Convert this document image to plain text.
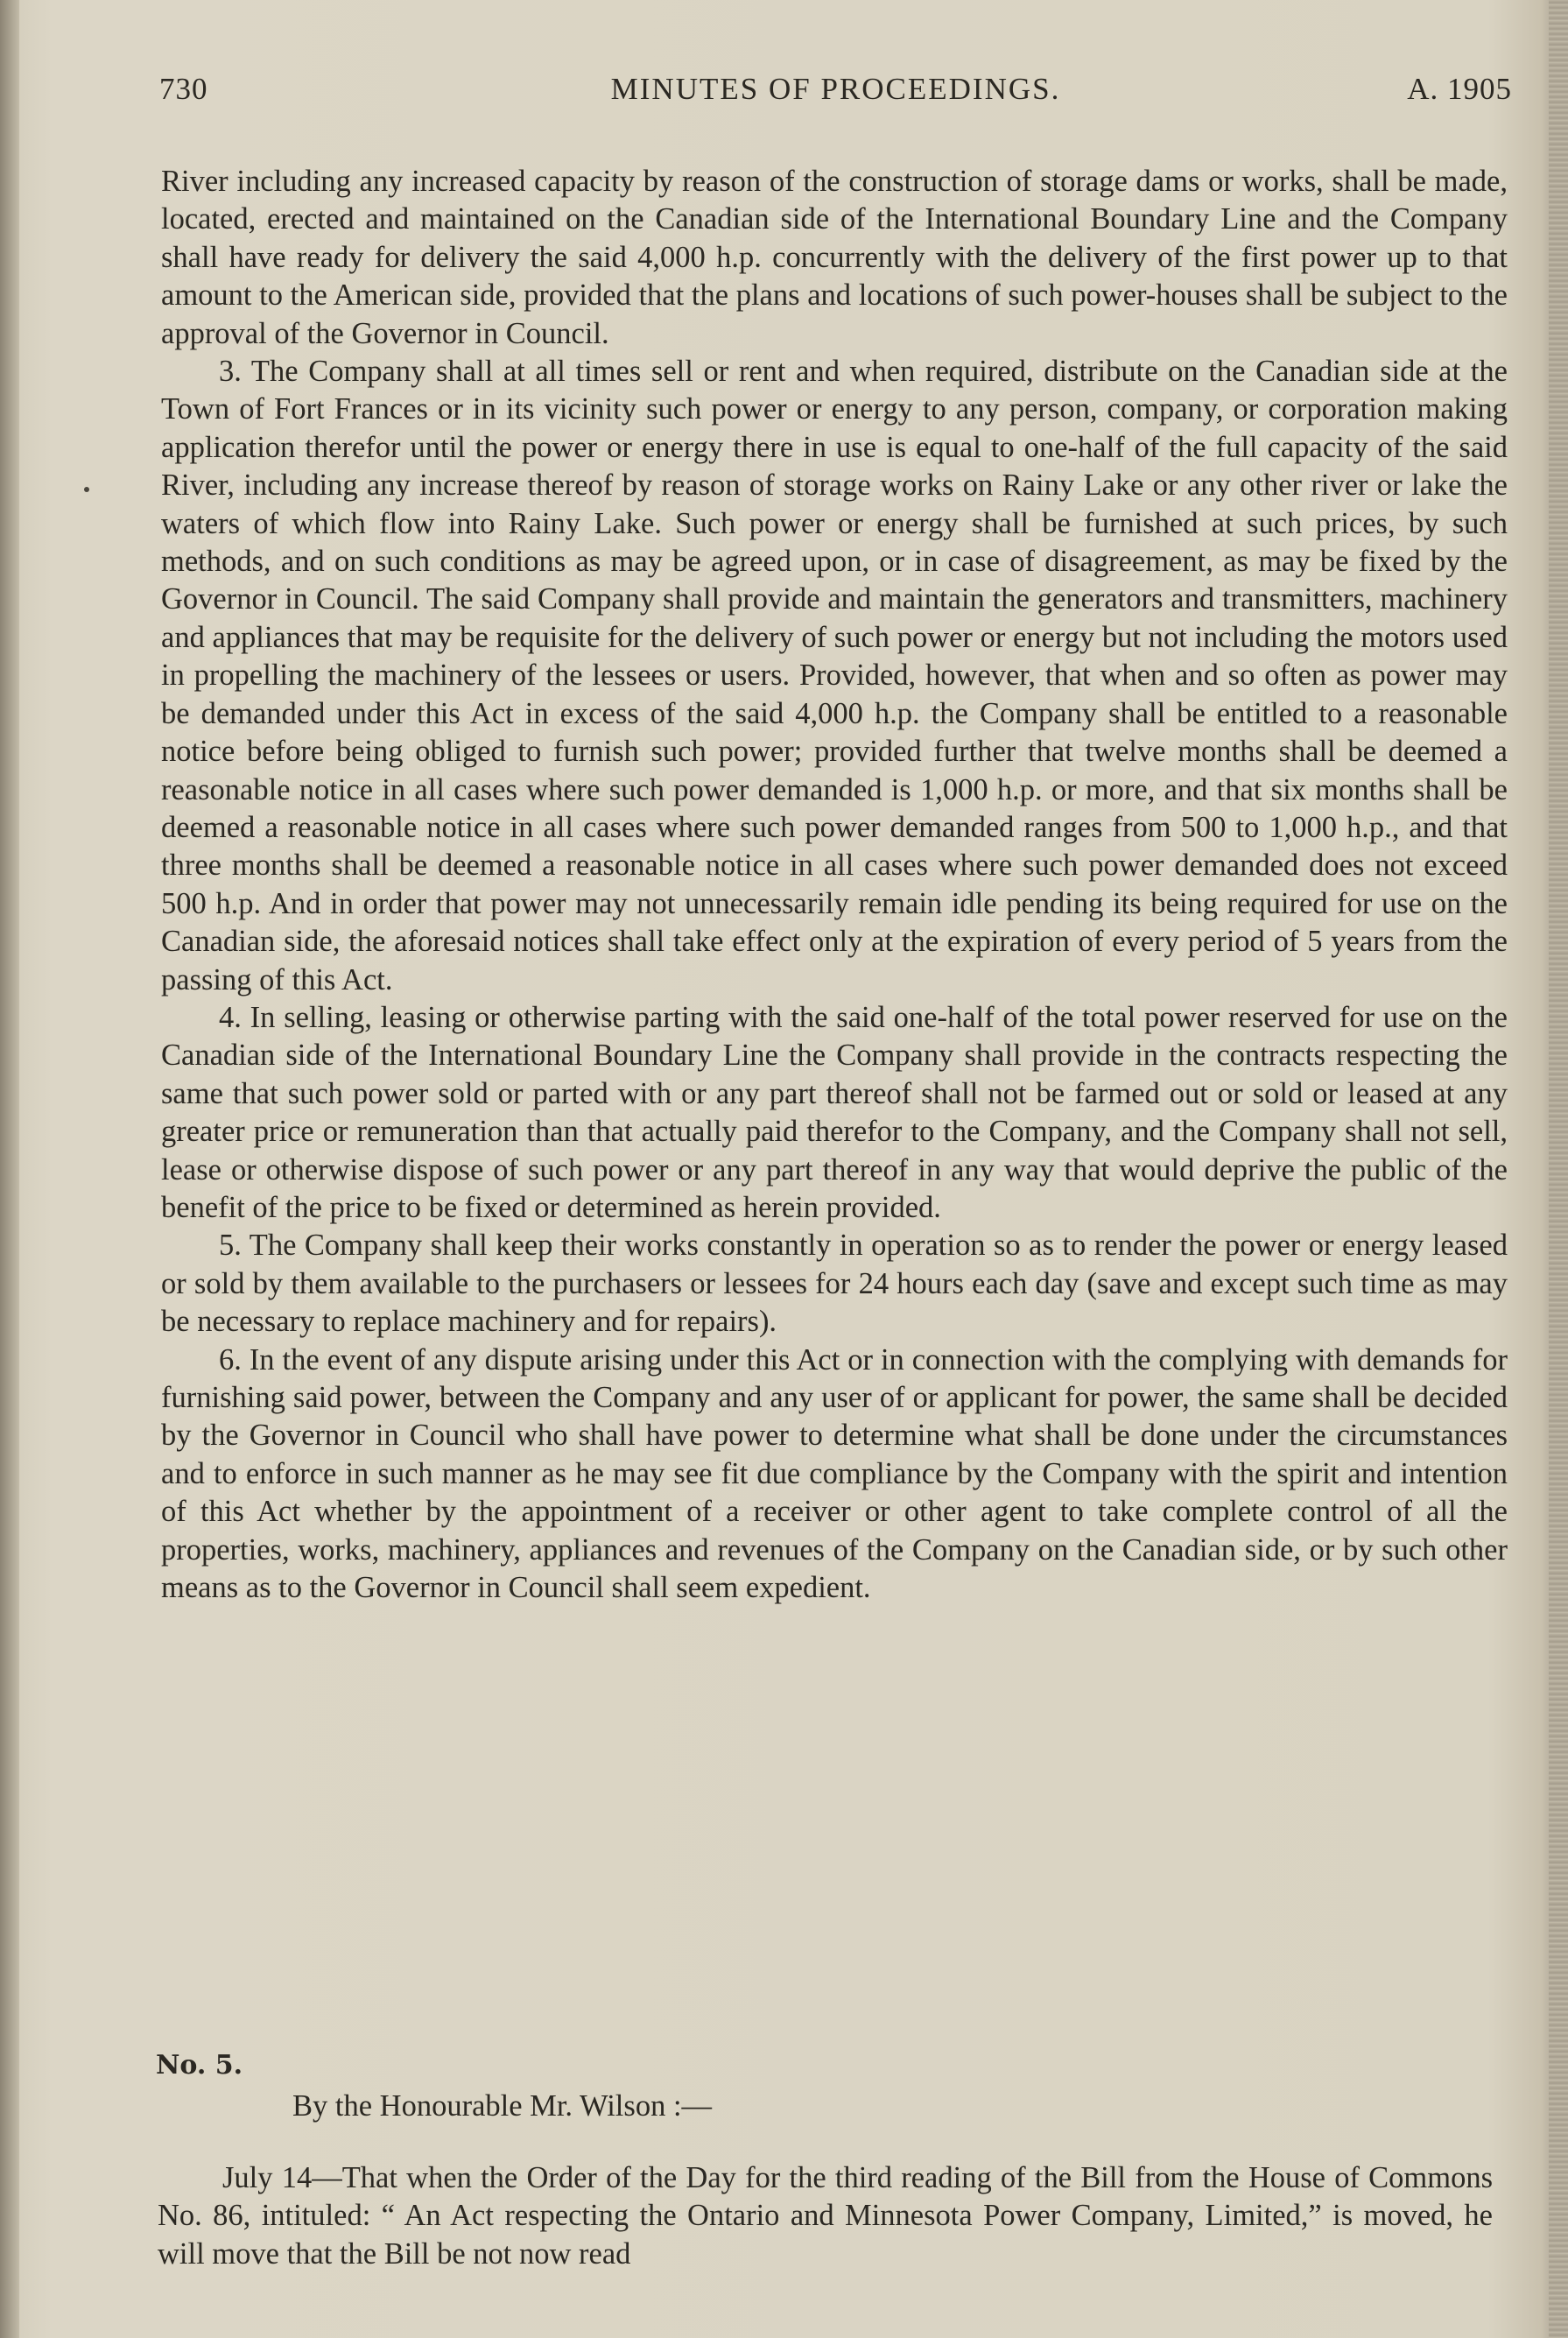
MINUTES OF PROCEEDINGS.
730	A. 1905

River including any increased capacity by reason of the construction of storage dams or works, shall be made, located, erected and maintained on the Canadian side of the International Boundary Line and the Company shall have ready for delivery the said 4,000 h.p. concurrently with the delivery of the first power up to that amount to the American side, provided that the plans and locations of such power-houses shall be subject to the approval of the Governor in Council.

3. The Company shall at all times sell or rent and when required, distribute on the Canadian side at the Town of Fort Frances or in its vicinity such power or energy to any person, company, or corporation making application therefor until the power or energy there in use is equal to one-half of the full capacity of the said River, including any increase thereof by reason of storage works on Rainy Lake or any other river or lake the waters of which flow into Rainy Lake. Such power or energy shall be furnished at such prices, by such methods, and on such conditions as may be agreed upon, or in case of disagreement, as may be fixed by the Governor in Council. The said Company shall provide and maintain the generators and transmitters, machinery and appliances that may be requisite for the delivery of such power or energy but not including the motors used in propelling the machinery of the lessees or users. Provided, however, that when and so often as power may be demanded under this Act in excess of the said 4,000 h.p. the Company shall be entitled to a reasonable notice before being obliged to furnish such power; provided further that twelve months shall be deemed a reasonable notice in all cases where such power demanded is 1,000 h.p. or more, and that six months shall be deemed a reasonable notice in all cases where such power demanded ranges from 500 to 1,000 h.p., and that three months shall be deemed a reasonable notice in all cases where such power demanded does not exceed 500 h.p. And in order that power may not unnecessarily remain idle pending its being required for use on the Canadian side, the aforesaid notices shall take effect only at the expiration of every period of 5 years from the passing of this Act.

4. In selling, leasing or otherwise parting with the said one-half of the total power reserved for use on the Canadian side of the International Boundary Line the Company shall provide in the contracts respecting the same that such power sold or parted with or any part thereof shall not be farmed out or sold or leased at any greater price or remuneration than that actually paid therefor to the Company, and the Company shall not sell, lease or otherwise dispose of such power or any part thereof in any way that would deprive the public of the benefit of the price to be fixed or determined as herein provided.

5. The Company shall keep their works constantly in operation so as to render the power or energy leased or sold by them available to the purchasers or lessees for 24 hours each day (save and except such time as may be necessary to replace machinery and for repairs).

6. In the event of any dispute arising under this Act or in connection with the complying with demands for furnishing said power, between the Company and any user of or applicant for power, the same shall be decided by the Governor in Council who shall have power to determine what shall be done under the circumstances and to enforce in such manner as he may see fit due compliance by the Company with the spirit and intention of this Act whether by the appointment of a receiver or other agent to take complete control of all the properties, works, machinery, appliances and revenues of the Company on the Canadian side, or by such other means as to the Governor in Council shall seem expedient.

No. 5.
By the Honourable Mr. Wilson :—

July 14—That when the Order of the Day for the third reading of the Bill from the House of Commons No. 86, intituled: “ An Act respecting the Ontario and Minnesota Power Company, Limited,” is moved, he will move that the Bill be not now read
